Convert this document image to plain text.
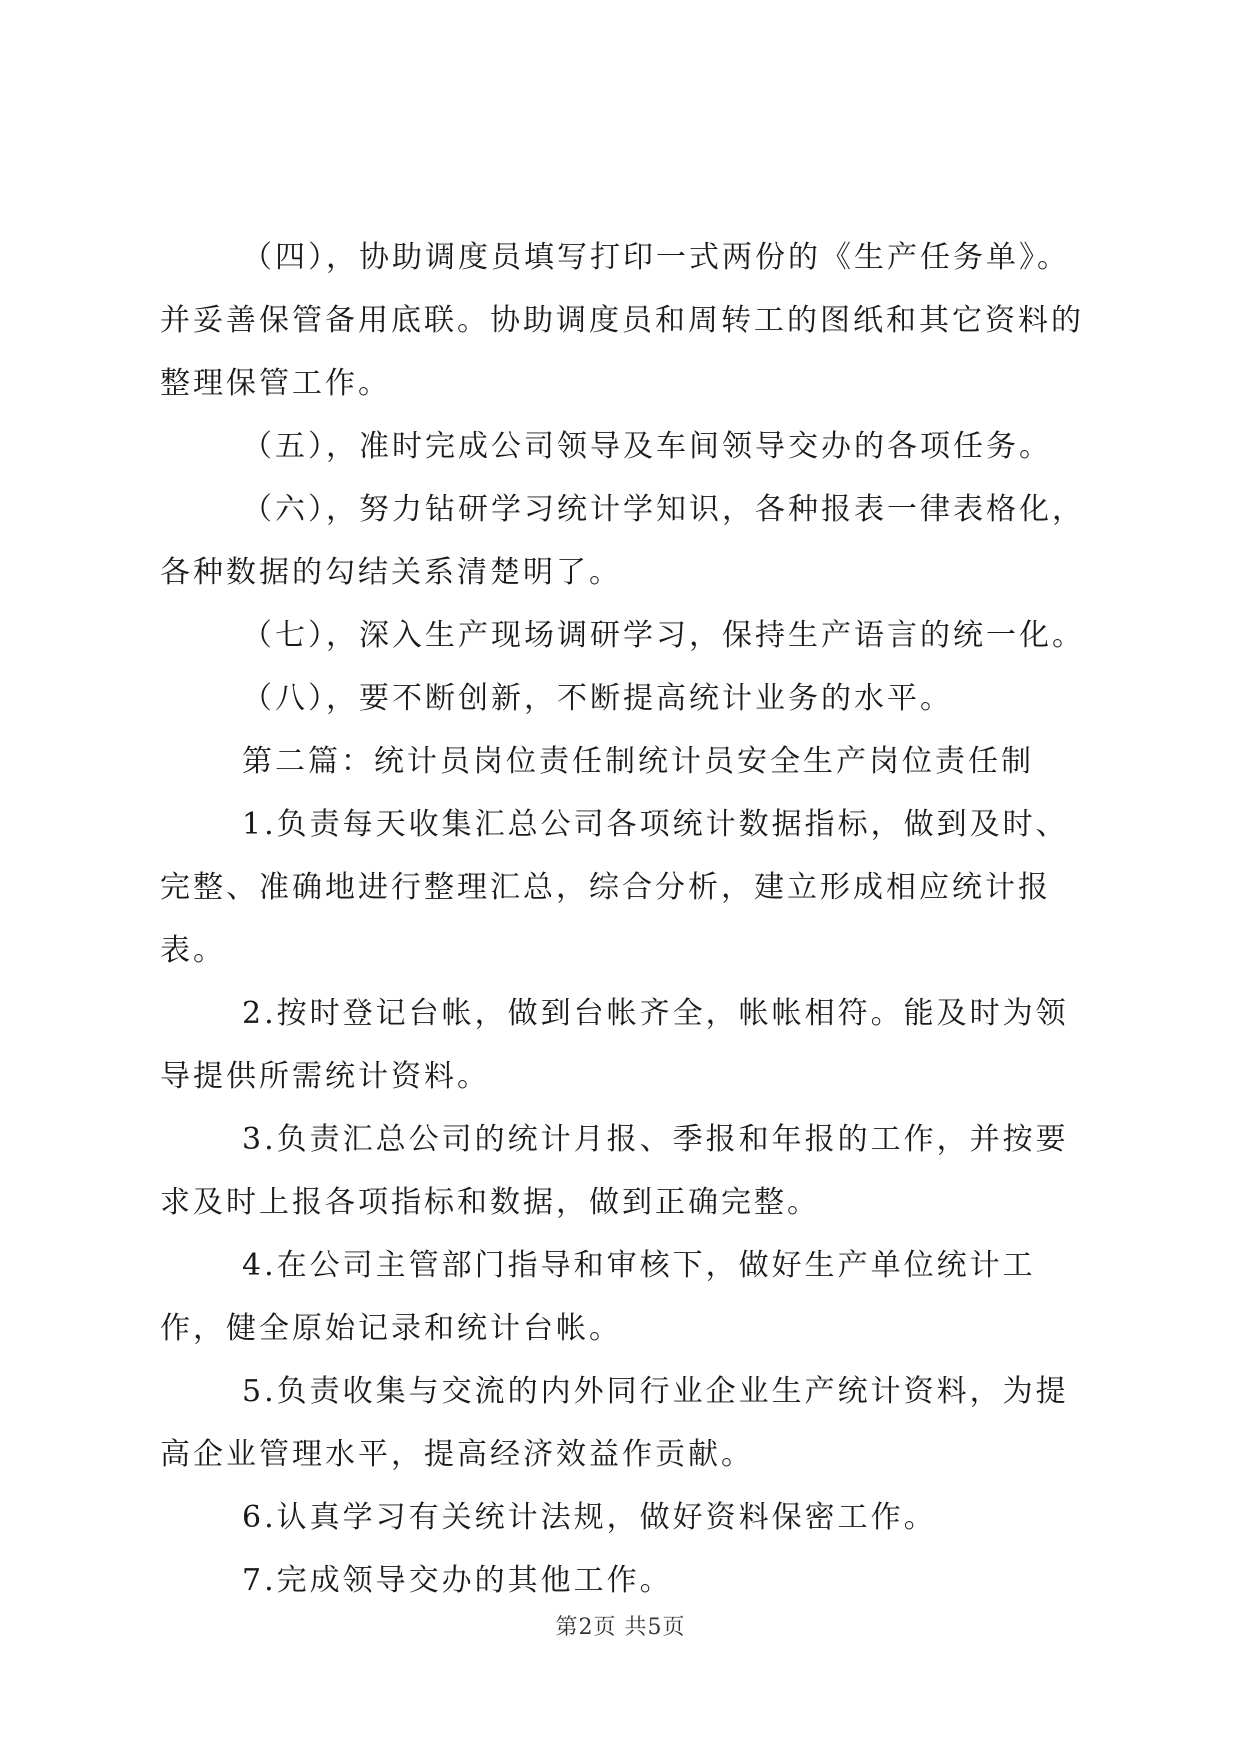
（四），协助调度员填写打印一式两份的《生产任务单》。并妥善保管备用底联。协助调度员和周转工的图纸和其它资料的整理保管工作。

（五），准时完成公司领导及车间领导交办的各项任务。

（六），努力钻研学习统计学知识，各种报表一律表格化，各种数据的勾结关系清楚明了。

（七），深入生产现场调研学习，保持生产语言的统一化。

（八），要不断创新，不断提高统计业务的水平。

第二篇：统计员岗位责任制统计员安全生产岗位责任制

1.负责每天收集汇总公司各项统计数据指标，做到及时、完整、准确地进行整理汇总，综合分析，建立形成相应统计报表。

2.按时登记台帐，做到台帐齐全，帐帐相符。能及时为领导提供所需统计资料。

3.负责汇总公司的统计月报、季报和年报的工作，并按要求及时上报各项指标和数据，做到正确完整。

4.在公司主管部门指导和审核下，做好生产单位统计工作，健全原始记录和统计台帐。

5.负责收集与交流的内外同行业企业生产统计资料，为提高企业管理水平，提高经济效益作贡献。

6.认真学习有关统计法规，做好资料保密工作。

7.完成领导交办的其他工作。

第2页 共5页
